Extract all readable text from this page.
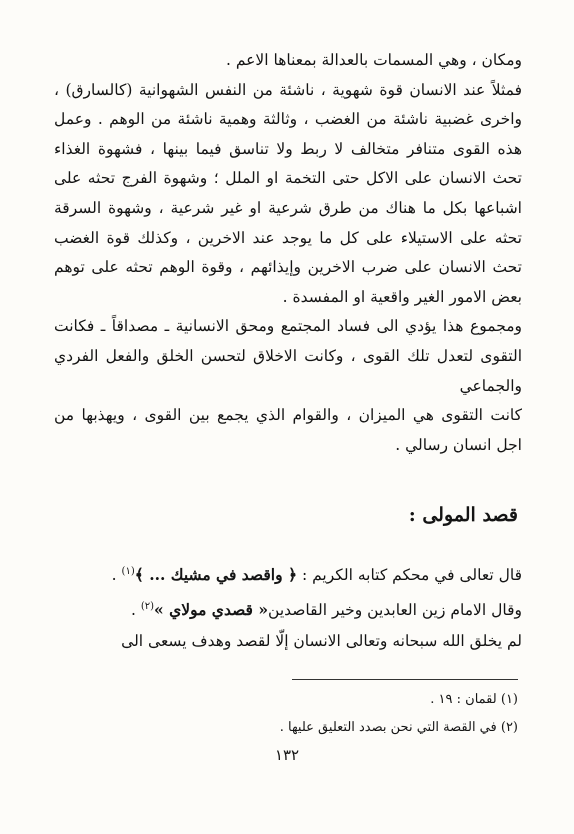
ومكان ، وهي المسمات بالعدالة بمعناها الاعم .

فمثلاً عند الانسان قوة شهوية ، ناشئة من النفس الشهوانية (كالسارق) ، واخرى غضبية ناشئة من الغضب ، وثالثة وهمية ناشئة من الوهم . وعمل هذه القوى متنافر متخالف لا ربط ولا تناسق فيما بينها ، فشهوة الغذاء تحث الانسان على الاكل حتى التخمة او الملل ؛ وشهوة الفرج تحثه على اشباعها بكل ما هناك من طرق شرعية او غير شرعية ، وشهوة السرقة تحثه على الاستيلاء على كل ما يوجد عند الاخرين ، وكذلك قوة الغضب تحث الانسان على ضرب الاخرين وإيذائهم ، وقوة الوهم تحثه على توهم بعض الامور الغير واقعية او المفسدة .

ومجموع هذا يؤدي الى فساد المجتمع ومحق الانسانية ـ مصداقاً ـ فكانت التقوى لتعدل تلك القوى ، وكانت الاخلاق لتحسن الخلق والفعل الفردي والجماعي

كانت التقوى هي الميزان ، والقوام الذي يجمع بين القوى ، ويهذبها من اجل انسان رسالي .

قصد المولى :

قال تعالى في محكم كتابه الكريم : ﴿ واقصد في مشيك ... ﴾$^{(١)}$ .

وقال الامام زين العابدين وخير القاصدين« قصدي مولاي »$^{(٢)}$ .

لم يخلق الله سبحانه وتعالى الانسان إلّا لقصد وهدف يسعى الى

(١) لقمان : ١٩ .

(٢) في القصة التي نحن بصدد التعليق عليها .

١٣٢
